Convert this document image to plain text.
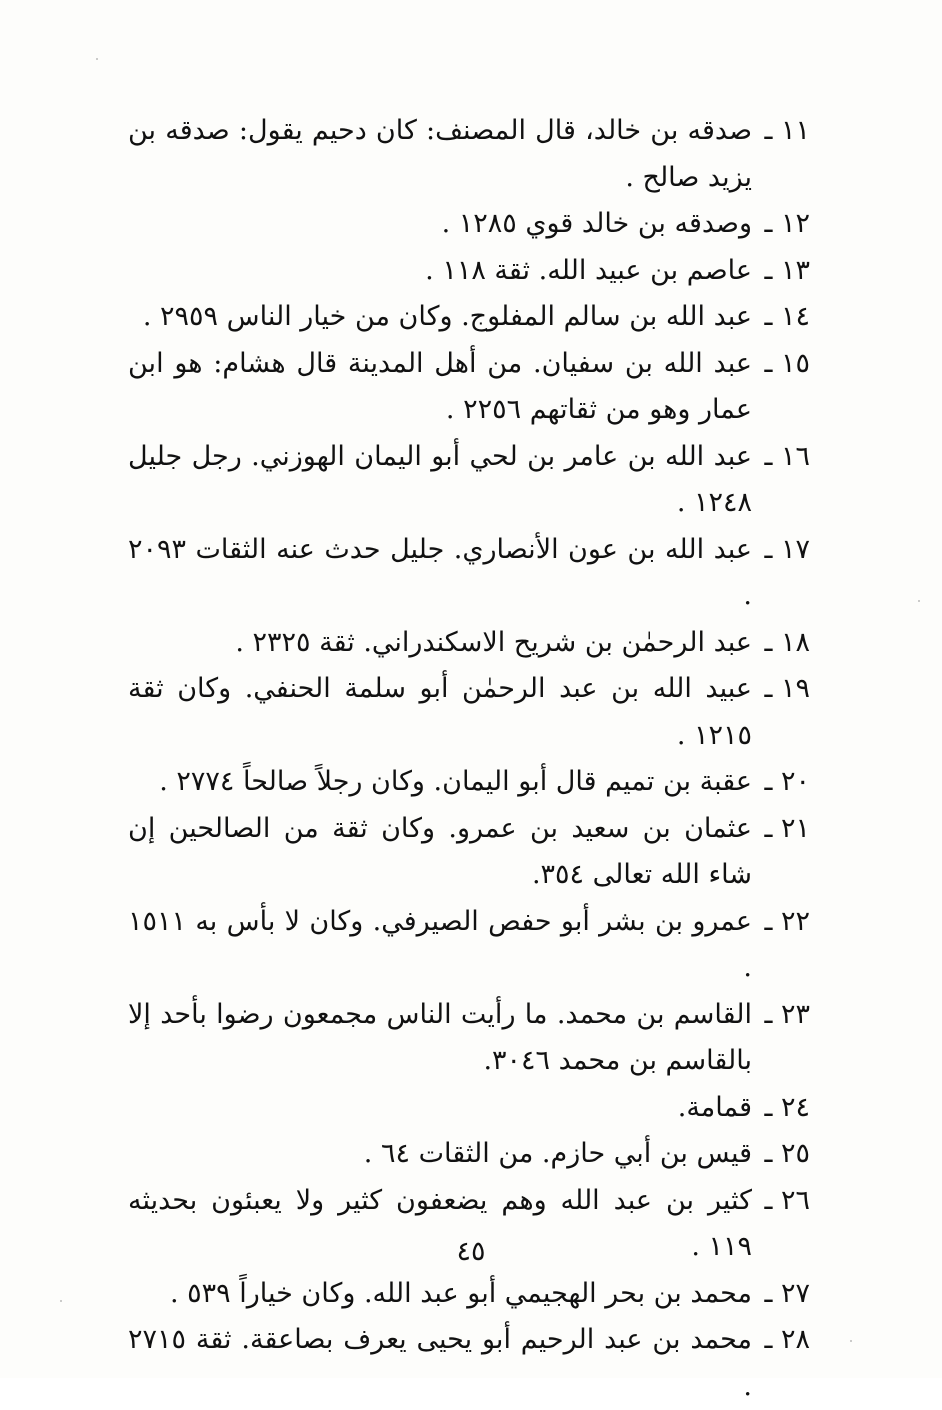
١١ ـ
صدقه بن خالد، قال المصنف: كان دحيم يقول: صدقه بن يزيد صالح .
١٢ ـ
وصدقه بن خالد قوي ١٢٨٥ .
١٣ ـ
عاصم بن عبيد الله. ثقة ١١٨ .
١٤ ـ
عبد الله بن سالم المفلوج. وكان من خيار الناس ٢٩٥٩ .
١٥ ـ
عبد الله بن سفيان. من أهل المدينة قال هشام: هو ابن عمار وهو من ثقاتهم ٢٢٥٦ .
١٦ ـ
عبد الله بن عامر بن لحي أبو اليمان الهوزني. رجل جليل ١٢٤٨ .
١٧ ـ
عبد الله بن عون الأنصاري. جليل حدث عنه الثقات ٢٠٩٣ .
١٨ ـ
عبد الرحمٰن بن شريح الاسكندراني. ثقة ٢٣٢٥ .
١٩ ـ
عبيد الله بن عبد الرحمٰن أبو سلمة الحنفي. وكان ثقة ١٢١٥ .
٢٠ ـ
عقبة بن تميم قال أبو اليمان. وكان رجلاً صالحاً ٢٧٧٤ .
٢١ ـ
عثمان بن سعيد بن عمرو. وكان ثقة من الصالحين إن شاء الله تعالى ٣٥٤.
٢٢ ـ
عمرو بن بشر أبو حفص الصيرفي. وكان لا بأس به ١٥١١ .
٢٣ ـ
القاسم بن محمد. ما رأيت الناس مجمعون رضوا بأحد إلا بالقاسم بن محمد ٣٠٤٦.
٢٤ ـ
قمامة.
٢٥ ـ
قيس بن أبي حازم. من الثقات ٦٤ .
٢٦ ـ
كثير بن عبد الله وهم يضعفون كثير ولا يعبئون بحديثه ١١٩ .
٢٧ ـ
محمد بن بحر الهجيمي أبو عبد الله. وكان خياراً ٥٣٩ .
٢٨ ـ
محمد بن عبد الرحيم أبو يحيى يعرف بصاعقة. ثقة ٢٧١٥ .
٤٥
